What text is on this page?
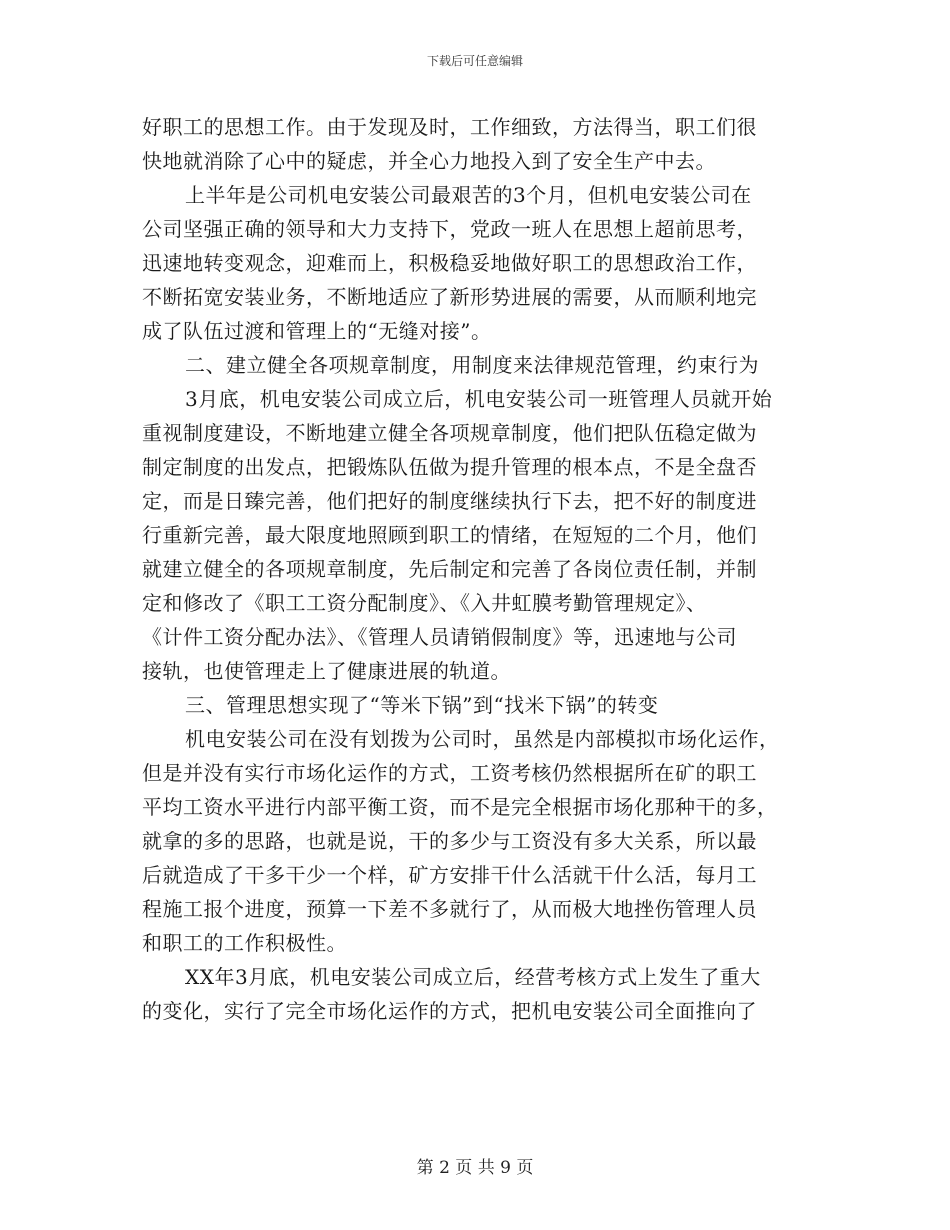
下载后可任意编辑
好职工的思想工作。由于发现及时，工作细致，方法得当，职工们很
快地就消除了心中的疑虑，并全心力地投入到了安全生产中去。
上半年是公司机电安装公司最艰苦的3个月，但机电安装公司在
公司坚强正确的领导和大力支持下，党政一班人在思想上超前思考，
迅速地转变观念，迎难而上，积极稳妥地做好职工的思想政治工作，
不断拓宽安装业务，不断地适应了新形势进展的需要，从而顺利地完
成了队伍过渡和管理上的“无缝对接”。
二、建立健全各项规章制度，用制度来法律规范管理，约束行为
3月底，机电安装公司成立后，机电安装公司一班管理人员就开始
重视制度建设，不断地建立健全各项规章制度，他们把队伍稳定做为
制定制度的出发点，把锻炼队伍做为提升管理的根本点，不是全盘否
定，而是日臻完善，他们把好的制度继续执行下去，把不好的制度进
行重新完善，最大限度地照顾到职工的情绪，在短短的二个月，他们
就建立健全的各项规章制度，先后制定和完善了各岗位责任制，并制
定和修改了《职工工资分配制度》、《入井虹膜考勤管理规定》、
《计件工资分配办法》、《管理人员请销假制度》等，迅速地与公司
接轨，也使管理走上了健康进展的轨道。
三、管理思想实现了“等米下锅”到“找米下锅”的转变
机电安装公司在没有划拨为公司时，虽然是内部模拟市场化运作，
但是并没有实行市场化运作的方式，工资考核仍然根据所在矿的职工
平均工资水平进行内部平衡工资，而不是完全根据市场化那种干的多，
就拿的多的思路，也就是说，干的多少与工资没有多大关系，所以最
后就造成了干多干少一个样，矿方安排干什么活就干什么活，每月工
程施工报个进度，预算一下差不多就行了，从而极大地挫伤管理人员
和职工的工作积极性。
XX年3月底，机电安装公司成立后，经营考核方式上发生了重大
的变化，实行了完全市场化运作的方式，把机电安装公司全面推向了
第 2 页 共 9 页
